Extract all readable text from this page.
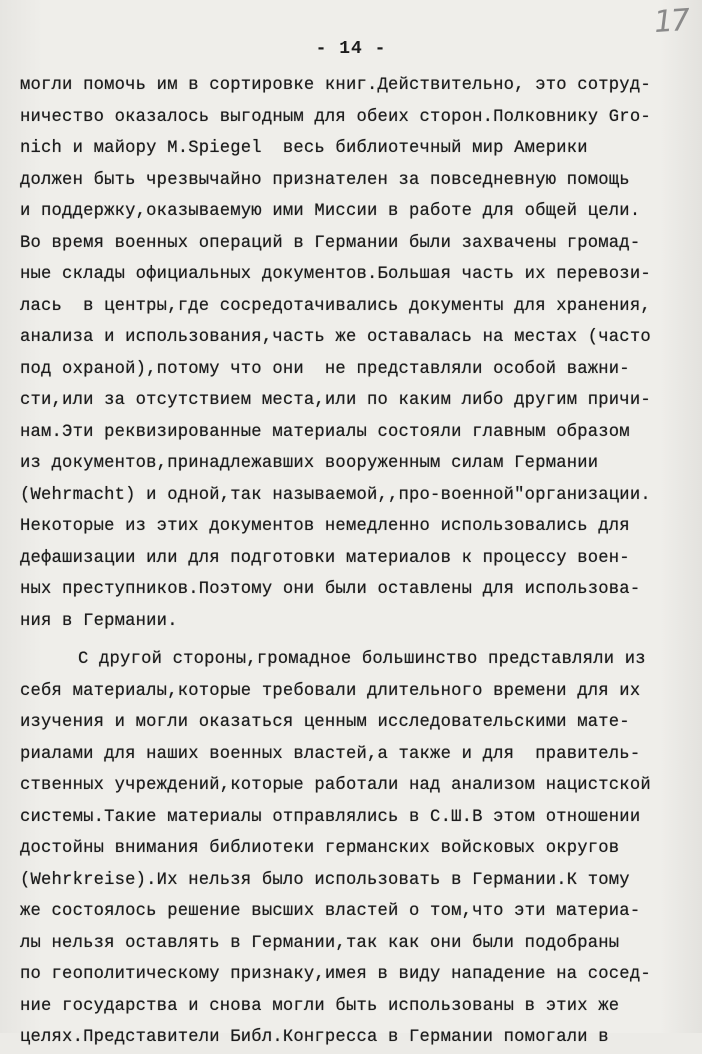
17
- 14 -
могли помочь им в сортировке книг.Действительно, это сотруд-
ничество оказалось выгодным для обеих сторон.Полковнику Gro-
nich и майору M.Spiegel  весь библиотечный мир Америки
должен быть чрезвычайно признателен за повседневную помощь
и поддержку,оказываемую ими Миссии в работе для общей цели.
Во время военных операций в Германии были захвачены громад-
ные склады официальных документов.Большая часть их перевози-
лась  в центры,где сосредотачивались документы для хранения,
анализа и использования,часть же оставалась на местах (часто
под охраной),потому что они  не представляли особой важни-
сти,или за отсутствием места,или по каким либо другим причи-
нам.Эти реквизированные материалы состояли главным образом
из документов,принадлежавших вооруженным силам Германии
(Wehrmacht) и одной,так называемой,,про-военной"организации.
Некоторые из этих документов немедленно использовались для
дефашизации или для подготовки материалов к процессу воен-
ных преступников.Поэтому они были оставлены для использова-
ния в Германии.
С другой стороны,громадное большинство представляли из
себя материалы,которые требовали длительного времени для их
изучения и могли оказаться ценным исследовательскими мате-
риалами для наших военных властей,а также и для  правитель-
ственных учреждений,которые работали над анализом нацистской
системы.Такие материалы отправлялись в С.Ш.В этом отношении
достойны внимания библиотеки германских войсковых округов
(Wehrkreise).Их нельзя было использовать в Германии.К тому
же состоялось решение высших властей о том,что эти материа-
лы нельзя оставлять в Германии,так как они были подобраны
по геополитическому признаку,имея в виду нападение на сосед-
ние государства и снова могли быть использованы в этих же
целях.Представители Библ.Конгресса в Германии помогали в
